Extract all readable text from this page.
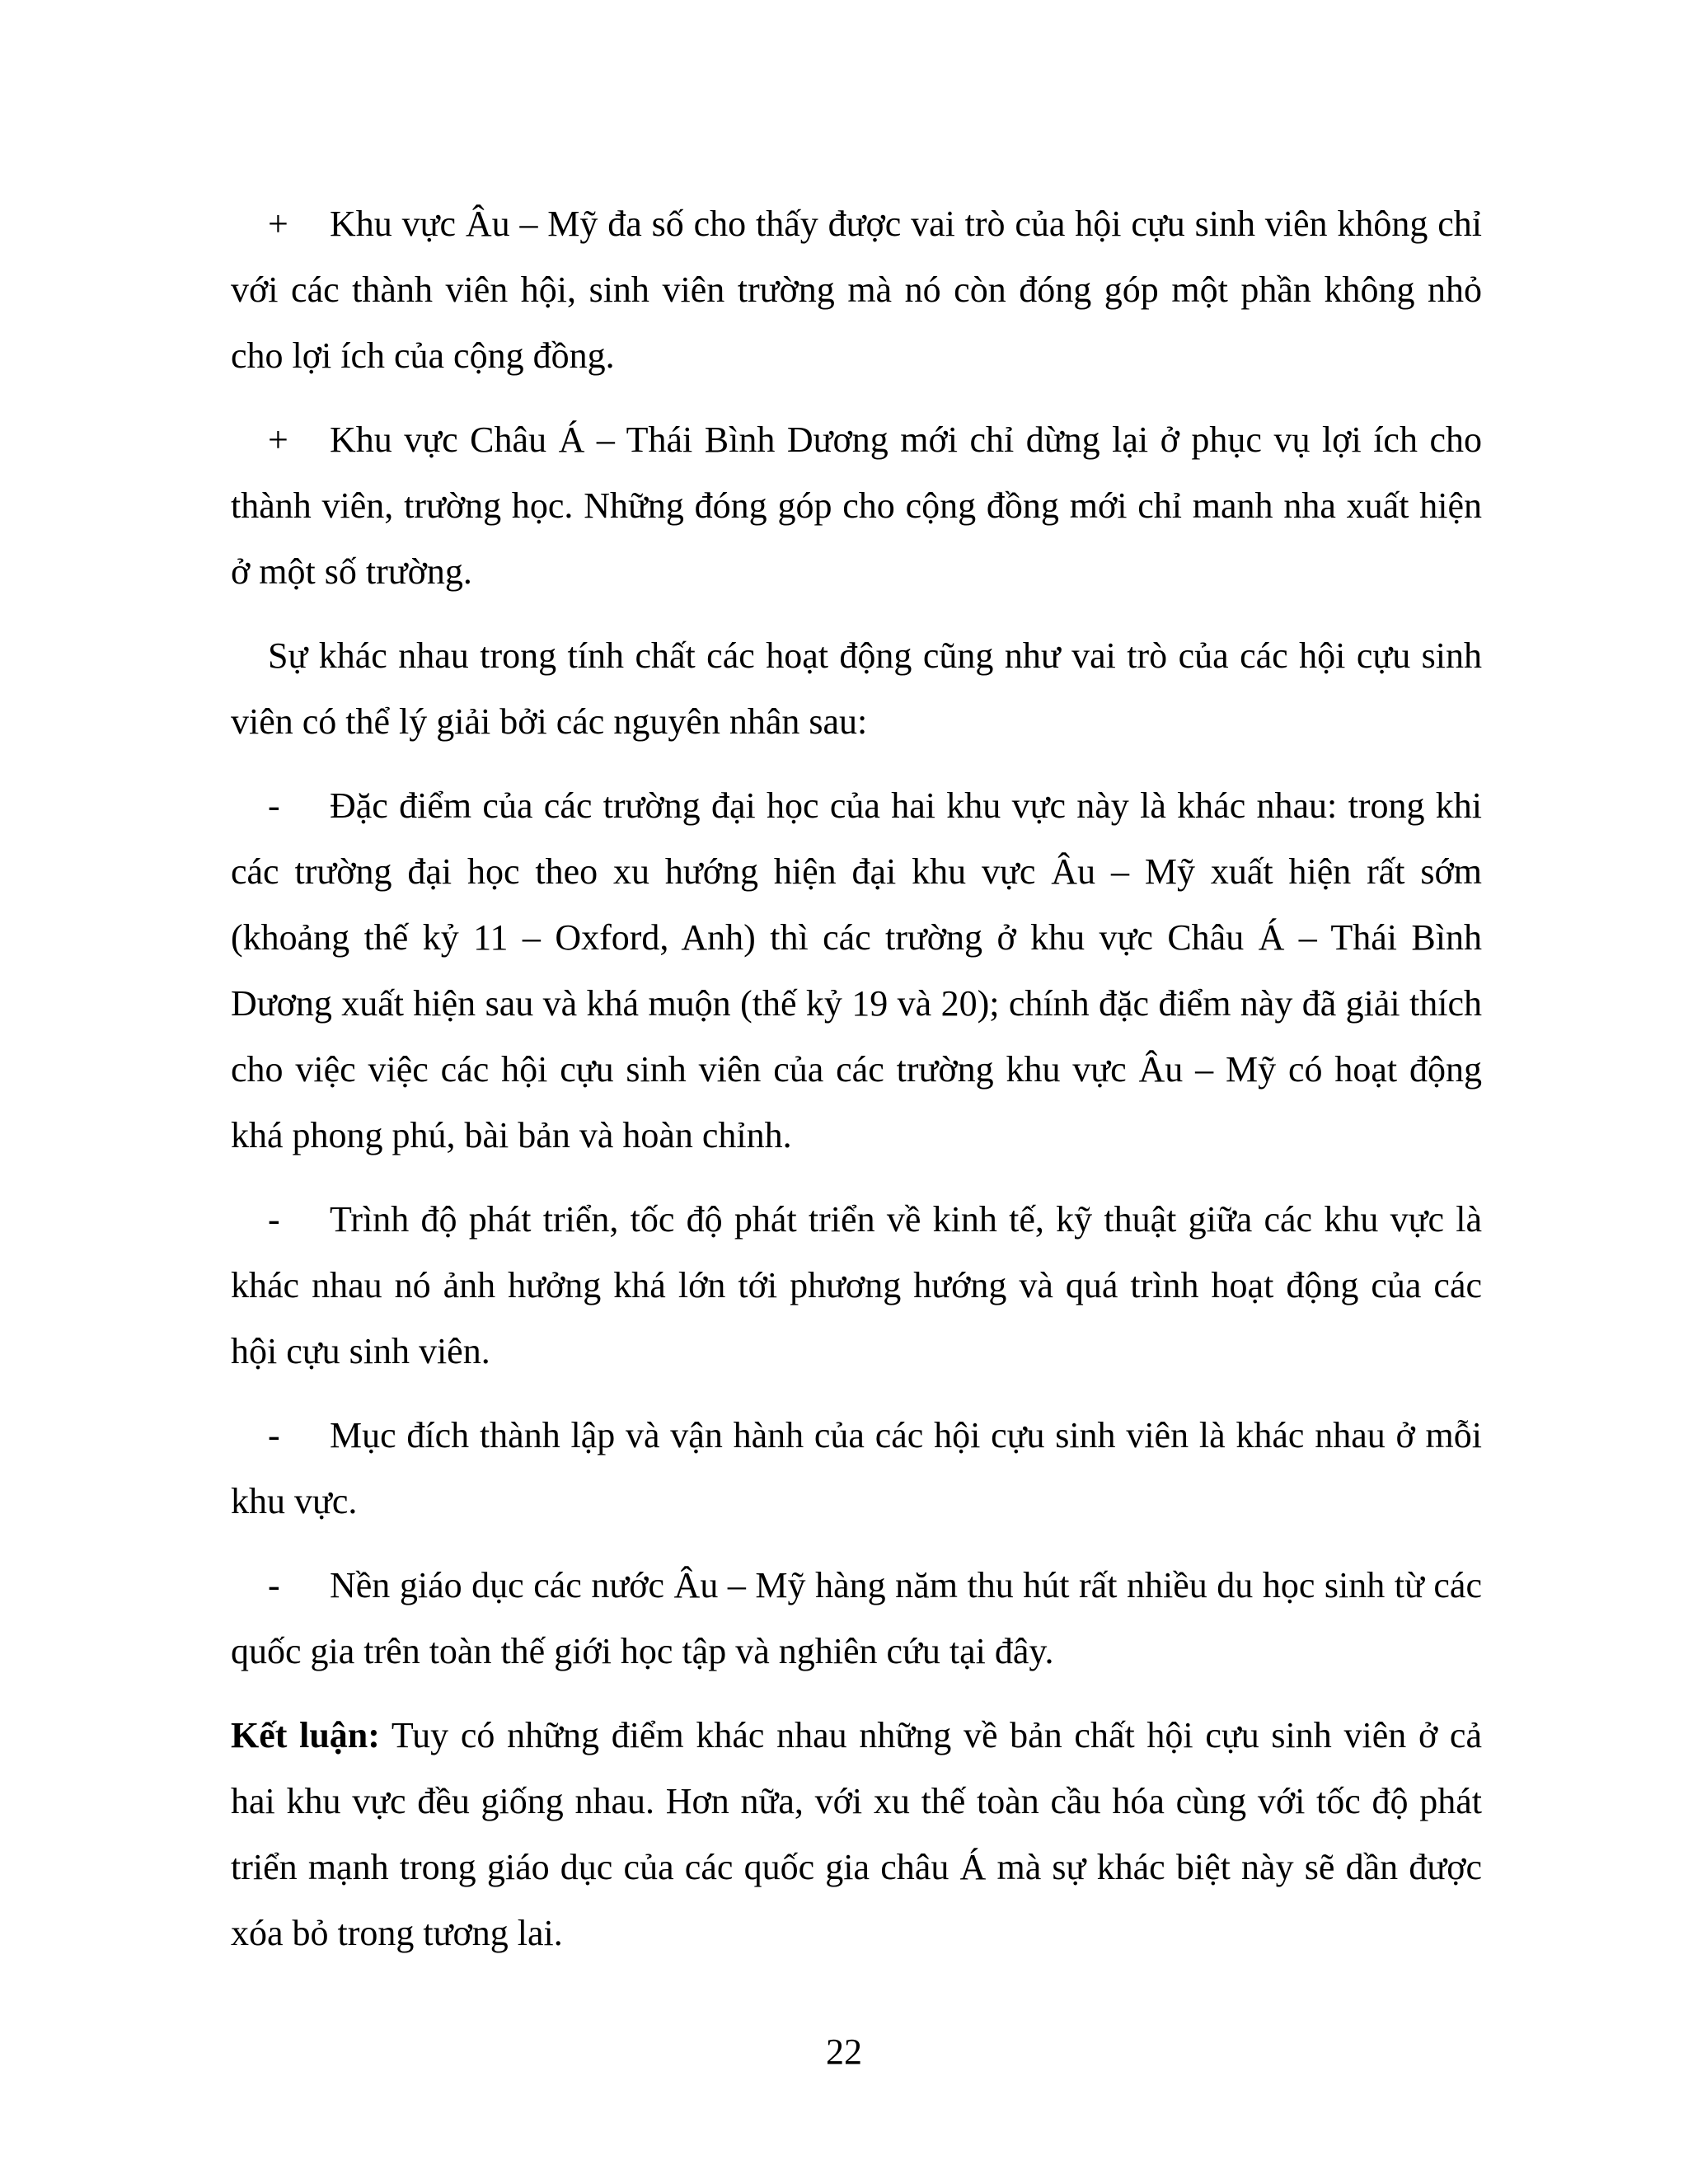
+ Khu vực Âu – Mỹ đa số cho thấy được vai trò của hội cựu sinh viên không chỉ với các thành viên hội, sinh viên trường mà nó còn đóng góp một phần không nhỏ cho lợi ích của cộng đồng.

+ Khu vực Châu Á – Thái Bình Dương mới chỉ dừng lại ở phục vụ lợi ích cho thành viên, trường học. Những đóng góp cho cộng đồng mới chỉ manh nha xuất hiện ở một số trường.

Sự khác nhau trong tính chất các hoạt động cũng như vai trò của các hội cựu sinh viên có thể lý giải bởi các nguyên nhân sau:

- Đặc điểm của các trường đại học của hai khu vực này là khác nhau: trong khi các trường đại học theo xu hướng hiện đại khu vực Âu – Mỹ xuất hiện rất sớm (khoảng thế kỷ 11 – Oxford, Anh) thì các trường ở khu vực Châu Á – Thái Bình Dương xuất hiện sau và khá muộn (thế kỷ 19 và 20); chính đặc điểm này đã giải thích cho việc việc các hội cựu sinh viên của các trường khu vực Âu – Mỹ có hoạt động khá phong phú, bài bản và hoàn chỉnh.

- Trình độ phát triển, tốc độ phát triển về kinh tế, kỹ thuật giữa các khu vực là khác nhau nó ảnh hưởng khá lớn tới phương hướng và quá trình hoạt động của các hội cựu sinh viên.

- Mục đích thành lập và vận hành của các hội cựu sinh viên là khác nhau ở mỗi khu vực.

- Nền giáo dục các nước Âu – Mỹ hàng năm thu hút rất nhiều du học sinh từ các quốc gia trên toàn thế giới học tập và nghiên cứu tại đây.

Kết luận: Tuy có những điểm khác nhau những về bản chất hội cựu sinh viên ở cả hai khu vực đều giống nhau. Hơn nữa, với xu thế toàn cầu hóa cùng với tốc độ phát triển mạnh trong giáo dục của các quốc gia châu Á mà sự khác biệt này sẽ dần được xóa bỏ trong tương lai.

22
